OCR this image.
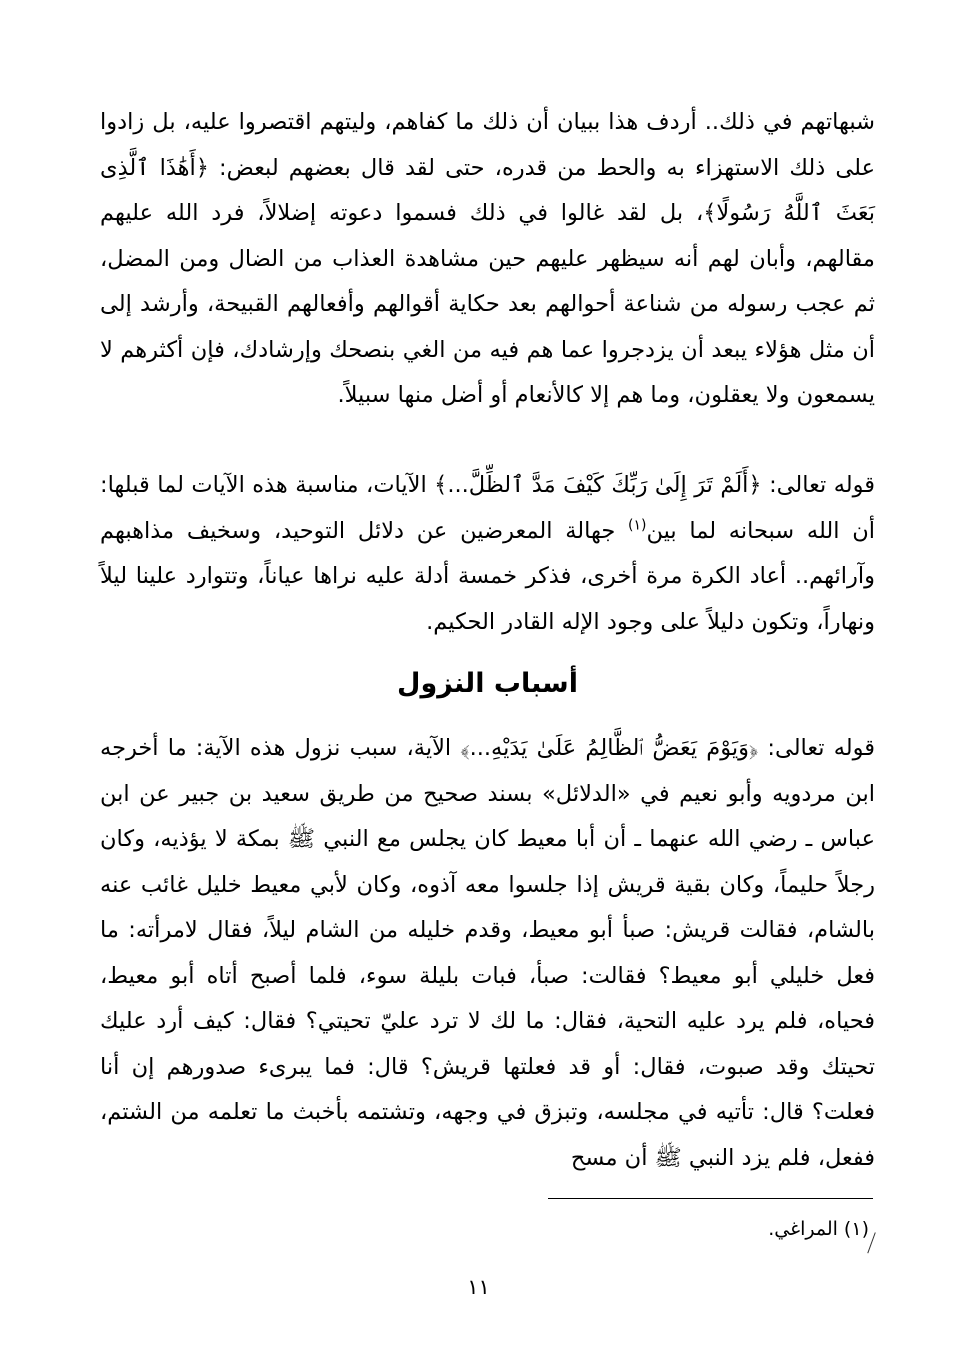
شبهاتهم في ذلك.. أردف هذا ببيان أن ذلك ما كفاهم، وليتهم اقتصروا عليه، بل زادوا على ذلك الاستهزاء به والحط من قدره، حتى لقد قال بعضهم لبعض: ﴿أَهَٰذَا ٱلَّذِى بَعَثَ ٱللَّهُ رَسُولًا﴾، بل لقد غالوا في ذلك فسموا دعوته إضلالاً، فرد الله عليهم مقالهم، وأبان لهم أنه سيظهر عليهم حين مشاهدة العذاب من الضال ومن المضل، ثم عجب رسوله من شناعة أحوالهم بعد حكاية أقوالهم وأفعالهم القبيحة، وأرشد إلى أن مثل هؤلاء يبعد أن يزدجروا عما هم فيه من الغي بنصحك وإرشادك، فإن أكثرهم لا يسمعون ولا يعقلون، وما هم إلا كالأنعام أو أضل منها سبيلاً.

قوله تعالى: ﴿أَلَمْ تَرَ إِلَىٰ رَبِّكَ كَيْفَ مَدَّ ٱلظِّلَّ...﴾ الآيات، مناسبة هذه الآيات لما قبلها: أن الله سبحانه لما بين$^{(١)}$ جهالة المعرضين عن دلائل التوحيد، وسخيف مذاهبهم وآرائهم.. أعاد الكرة مرة أخرى، فذكر خمسة أدلة عليه نراها عياناً، وتتوارد علينا ليلاً ونهاراً، وتكون دليلاً على وجود الإله القادر الحكيم.

أسباب النزول

قوله تعالى: ﴿وَيَوْمَ يَعَضُّ ٱلظَّالِمُ عَلَىٰ يَدَيْهِ...﴾ الآية، سبب نزول هذه الآية: ما أخرجه ابن مردويه وأبو نعيم في «الدلائل» بسند صحيح من طريق سعيد بن جبير عن ابن عباس ـ رضي الله عنهما ـ أن أبا معيط كان يجلس مع النبي ﷺ بمكة لا يؤذيه، وكان رجلاً حليماً، وكان بقية قريش إذا جلسوا معه آذوه، وكان لأبي معيط خليل غائب عنه بالشام، فقالت قريش: صبأ أبو معيط، وقدم خليله من الشام ليلاً، فقال لامرأته: ما فعل خليلي أبو معيط؟ فقالت: صبأ، فبات بليلة سوء، فلما أصبح أتاه أبو معيط، فحياه، فلم يرد عليه التحية، فقال: ما لك لا ترد عليّ تحيتي؟ فقال: كيف أرد عليك تحيتك وقد صبوت، فقال: أو قد فعلتها قريش؟ قال: فما يبرىء صدورهم إن أنا فعلت؟ قال: تأتيه في مجلسه، وتبزق في وجهه، وتشتمه بأخبث ما تعلمه من الشتم، ففعل، فلم يزد النبي ﷺ أن مسح

(١) المراغي.

١١
